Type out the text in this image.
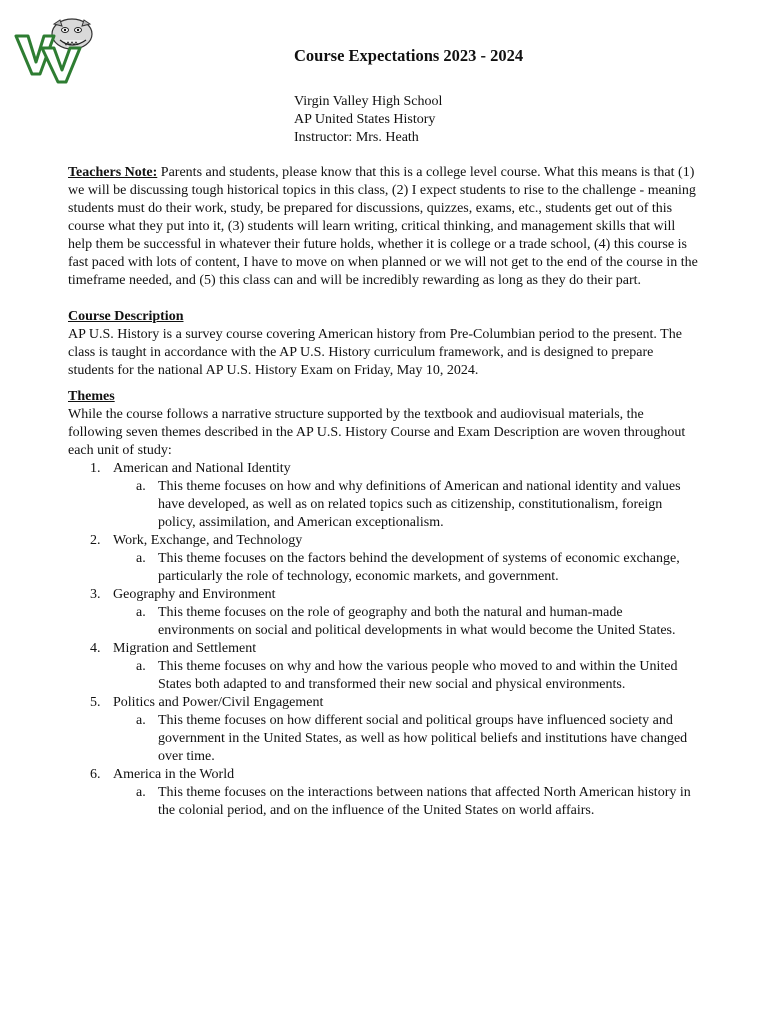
Course Expectations 2023 - 2024
Virgin Valley High School
AP United States History
Instructor: Mrs. Heath

Teachers Note: Parents and students, please know that this is a college level course. What this means is that (1) we will be discussing tough historical topics in this class, (2) I expect students to rise to the challenge - meaning students must do their work, study, be prepared for discussions, quizzes, exams, etc., students get out of this course what they put into it, (3) students will learn writing, critical thinking, and management skills that will help them be successful in whatever their future holds, whether it is college or a trade school, (4) this course is fast paced with lots of content, I have to move on when planned or we will not get to the end of the course in the timeframe needed, and (5) this class can and will be incredibly rewarding as long as they do their part.

Course Description

AP U.S. History is a survey course covering American history from Pre-Columbian period to the present. The class is taught in accordance with the AP U.S. History curriculum framework, and is designed to prepare students for the national AP U.S. History Exam on Friday, May 10, 2024.

Themes

While the course follows a narrative structure supported by the textbook and audiovisual materials, the following seven themes described in the AP U.S. History Course and Exam Description are woven throughout each unit of study:

1. American and National Identity
a. This theme focuses on how and why definitions of American and national identity and values have developed, as well as on related topics such as citizenship, constitutionalism, foreign policy, assimilation, and American exceptionalism.
2. Work, Exchange, and Technology
a. This theme focuses on the factors behind the development of systems of economic exchange, particularly the role of technology, economic markets, and government.
3. Geography and Environment
a. This theme focuses on the role of geography and both the natural and human-made environments on social and political developments in what would become the United States.
4. Migration and Settlement
a. This theme focuses on why and how the various people who moved to and within the United States both adapted to and transformed their new social and physical environments.
5. Politics and Power/Civil Engagement
a. This theme focuses on how different social and political groups have influenced society and government in the United States, as well as how political beliefs and institutions have changed over time.
6. America in the World
a. This theme focuses on the interactions between nations that affected North American history in the colonial period, and on the influence of the United States on world affairs.
